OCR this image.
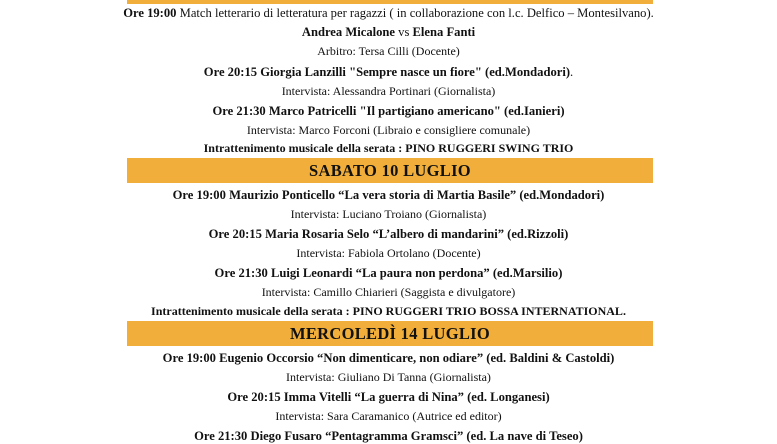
Ore 19:00 Match letterario di letteratura per ragazzi ( in collaborazione con l.c. Delfico – Montesilvano).
Andrea Micalone vs Elena Fanti
Arbitro: Tersa Cilli (Docente)
Ore 20:15 Giorgia Lanzilli "Sempre nasce un fiore" (ed.Mondadori).
Intervista: Alessandra Portinari (Giornalista)
Ore 21:30 Marco Patricelli "Il partigiano americano" (ed.Ianieri)
Intervista: Marco Forconi (Libraio e consigliere comunale)
Intrattenimento musicale della serata : PINO RUGGERI SWING TRIO
SABATO 10 LUGLIO
Ore 19:00 Maurizio Ponticello “La vera storia di Martia Basile” (ed.Mondadori)
Intervista: Luciano Troiano (Giornalista)
Ore 20:15 Maria Rosaria Selo “L’albero di mandarini” (ed.Rizzoli)
Intervista: Fabiola Ortolano (Docente)
Ore 21:30 Luigi Leonardi “La paura non perdona” (ed.Marsilio)
Intervista: Camillo Chiarieri (Saggista e divulgatore)
Intrattenimento musicale della serata : PINO RUGGERI TRIO BOSSA INTERNATIONAL.
MERCOLEDÌ 14 LUGLIO
Ore 19:00 Eugenio Occorsio “Non dimenticare, non odiare” (ed. Baldini & Castoldi)
Intervista: Giuliano Di Tanna (Giornalista)
Ore 20:15 Imma Vitelli “La guerra di Nina” (ed. Longanesi)
Intervista: Sara Caramanico (Autrice ed editor)
Ore 21:30 Diego Fusaro “Pentagramma Gramsci” (ed. La nave di Teseo)
